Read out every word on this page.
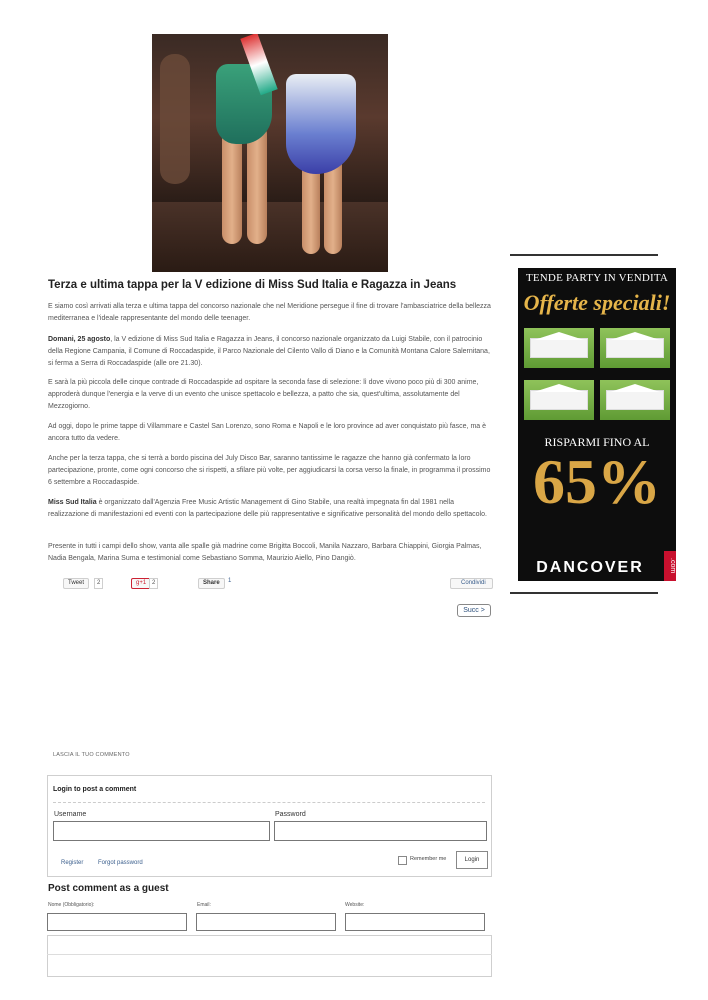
TENDE PARTY IN VENDITA
Offerte speciali!
RISPARMI FINO AL
65%
DANCOVER	.com
Terza e ultima tappa per la V edizione di Miss Sud Italia e Ragazza in Jeans
E siamo così arrivati alla terza e ultima tappa del concorso nazionale che nel Meridione persegue il fine di trovare l'ambasciatrice della bellezza mediterranea e l'ideale rappresentante del mondo delle teenager.
Domani, 25 agosto, la V edizione di Miss Sud Italia e Ragazza in Jeans, il concorso nazionale organizzato da Luigi Stabile, con il patrocinio della Regione Campania, il Comune di Roccadaspide, il Parco Nazionale del Cilento Vallo di Diano e la Comunità Montana Calore Salernitana, si ferma a Serra di Roccadaspide (alle ore 21.30).
E sarà la più piccola delle cinque contrade di Roccadaspide ad ospitare la seconda fase di selezione: lì dove vivono poco più di 300 anime, approderà dunque l'energia e la verve di un evento che unisce spettacolo e bellezza, a patto che sia, quest'ultima, assolutamente del Mezzogiorno.
Ad oggi, dopo le prime tappe di Villammare e Castel San Lorenzo, sono Roma e Napoli e le loro province ad aver conquistato più fasce, ma è ancora tutto da vedere.
Anche per la terza tappa, che si terrà a bordo piscina del July Disco Bar, saranno tantissime le ragazze che hanno già confermato la loro partecipazione, pronte, come ogni concorso che si rispetti, a sfilare più volte, per aggiudicarsi la corsa verso la finale, in programma il prossimo 6 settembre a Roccadaspide.
Miss Sud Italia è organizzato dall'Agenzia Free Music Artistic Management di Gino Stabile, una realtà impegnata fin dal 1981 nella realizzazione di manifestazioni ed eventi con la partecipazione delle più rappresentative e significative personalità del mondo dello spettacolo.
Presente in tutti i campi dello show, vanta alle spalle già madrine come Brigitta Boccoli, Manila Nazzaro, Barbara Chiappini, Giorgia Palmas, Nadia Bengala, Marina Suma e testimonial come Sebastiano Somma, Maurizio Aiello, Pino Dangiò.
Tweet	2	g+1 2	Share	1	Condividi
Succ >
LASCIA IL TUO COMMENTO
Login to post a comment
Username	Password
Register Forgot password
Remember me	Login
Post comment as a guest
Nome (Obbligatorio):	Email:	Website:
